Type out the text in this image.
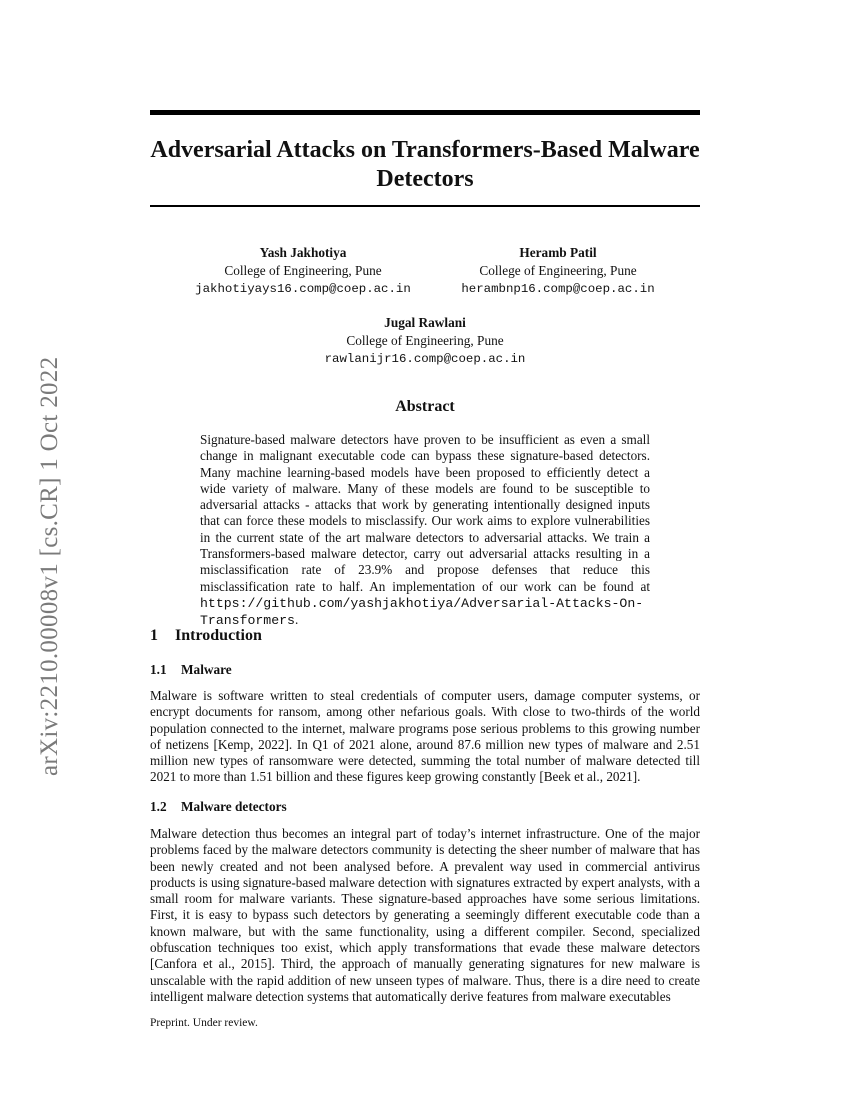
arXiv:2210.00008v1 [cs.CR] 1 Oct 2022
Adversarial Attacks on Transformers-Based Malware Detectors
Yash Jakhotiya
College of Engineering, Pune
jakhotiyays16.comp@coep.ac.in
Heramb Patil
College of Engineering, Pune
herambnp16.comp@coep.ac.in
Jugal Rawlani
College of Engineering, Pune
rawlanijr16.comp@coep.ac.in
Abstract

Signature-based malware detectors have proven to be insufficient as even a small change in malignant executable code can bypass these signature-based detectors. Many machine learning-based models have been proposed to efficiently detect a wide variety of malware. Many of these models are found to be susceptible to adversarial attacks - attacks that work by generating intentionally designed inputs that can force these models to misclassify. Our work aims to explore vulnerabilities in the current state of the art malware detectors to adversarial attacks. We train a Transformers-based malware detector, carry out adversarial attacks resulting in a misclassification rate of 23.9% and propose defenses that reduce this misclassification rate to half. An implementation of our work can be found at https://github.com/yashjakhotiya/Adversarial-Attacks-On-Transformers.

1 Introduction
1.1 Malware

Malware is software written to steal credentials of computer users, damage computer systems, or encrypt documents for ransom, among other nefarious goals. With close to two-thirds of the world population connected to the internet, malware programs pose serious problems to this growing number of netizens [Kemp, 2022]. In Q1 of 2021 alone, around 87.6 million new types of malware and 2.51 million new types of ransomware were detected, summing the total number of malware detected till 2021 to more than 1.51 billion and these figures keep growing constantly [Beek et al., 2021].

1.2 Malware detectors

Malware detection thus becomes an integral part of today’s internet infrastructure. One of the major problems faced by the malware detectors community is detecting the sheer number of malware that has been newly created and not been analysed before. A prevalent way used in commercial antivirus products is using signature-based malware detection with signatures extracted by expert analysts, with a small room for malware variants. These signature-based approaches have some serious limitations. First, it is easy to bypass such detectors by generating a seemingly different executable code than a known malware, but with the same functionality, using a different compiler. Second, specialized obfuscation techniques too exist, which apply transformations that evade these malware detectors [Canfora et al., 2015]. Third, the approach of manually generating signatures for new malware is unscalable with the rapid addition of new unseen types of malware. Thus, there is a dire need to create intelligent malware detection systems that automatically derive features from malware executables

Preprint. Under review.
